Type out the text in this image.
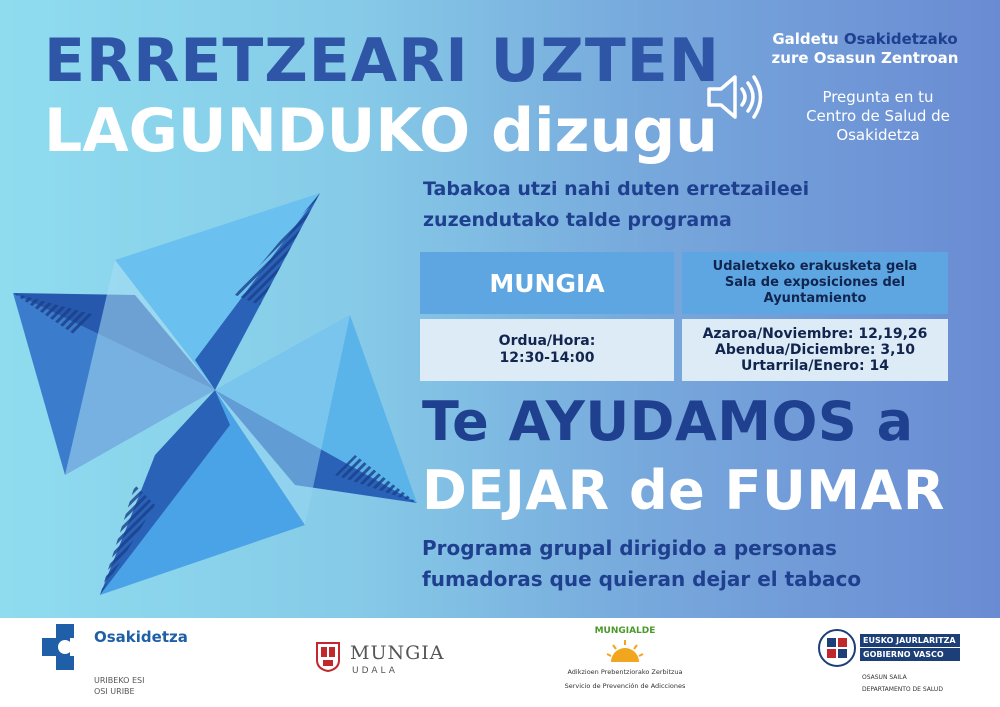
ERRETZEARI UZTEN
LAGUNDUKO dizugu
Galdetu Osakidetzako
zure Osasun Zentroan
Pregunta en tu
Centro de Salud de
Osakidetza
Tabakoa utzi nahi duten erretzaileei
zuzendutako talde programa
MUNGIA
Udaletxeko erakusketa gela
Sala de exposiciones del
Ayuntamiento
Ordua/Hora:
12:30-14:00
Azaroa/Noviembre: 12,19,26
Abendua/Diciembre: 3,10
Urtarrila/Enero: 14
Te AYUDAMOS a
DEJAR de FUMAR
Programa grupal dirigido a personas
fumadoras que quieran dejar el tabaco
Osakidetza
URIBEKO ESI
OSI URIBE
MUNGIA
UDALA
MUNGIALDE
Adikzioen Prebentziorako Zerbitzua
Servicio de Prevención de Adicciones
EUSKO JAURLARITZA
GOBIERNO VASCO
OSASUN SAILA
DEPARTAMENTO DE SALUD
